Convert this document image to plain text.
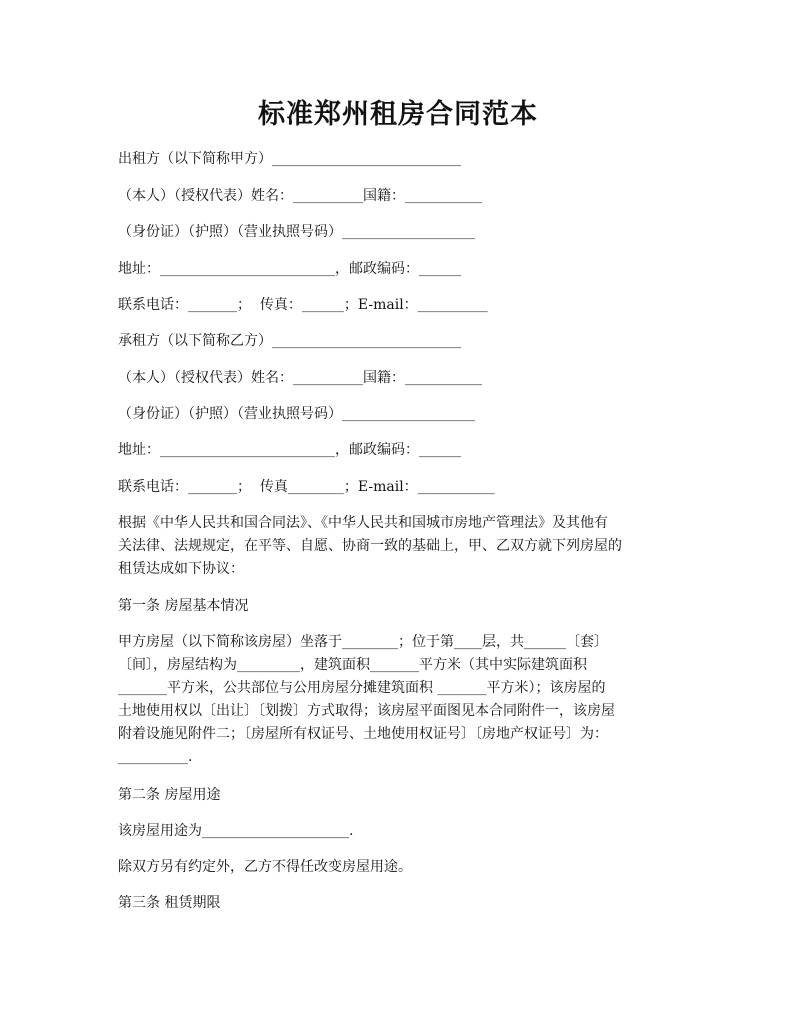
标准郑州租房合同范本
出租方（以下简称甲方）___________________________
（本人）（授权代表）姓名：__________国籍：___________
（身份证）（护照）（营业执照号码）___________________
地址：_________________________，邮政编码：______
联系电话：_______；  传真：______；E-mail：__________
承租方（以下简称乙方）___________________________
（本人）（授权代表）姓名：__________国籍：___________
（身份证）（护照）（营业执照号码）___________________
地址：_________________________，邮政编码：______
联系电话：_______；  传真________；E-mail：___________
根据《中华人民共和国合同法》、《中华人民共和国城市房地产管理法》及其他有
关法律、法规规定，在平等、自愿、协商一致的基础上，甲、乙双方就下列房屋的
租赁达成如下协议：
第一条 房屋基本情况
甲方房屋（以下简称该房屋）坐落于________；位于第____层，共______〔套〕
〔间〕，房屋结构为_________，建筑面积_______平方米（其中实际建筑面积
_______平方米，公共部位与公用房屋分摊建筑面积 _______平方米）；该房屋的
土地使用权以〔出让〕〔划拨〕方式取得；该房屋平面图见本合同附件一，该房屋
附着设施见附件二；〔房屋所有权证号、土地使用权证号〕〔房地产权证号〕为：
__________.
第二条 房屋用途
该房屋用途为_____________________.
除双方另有约定外，乙方不得任改变房屋用途。
第三条 租赁期限
